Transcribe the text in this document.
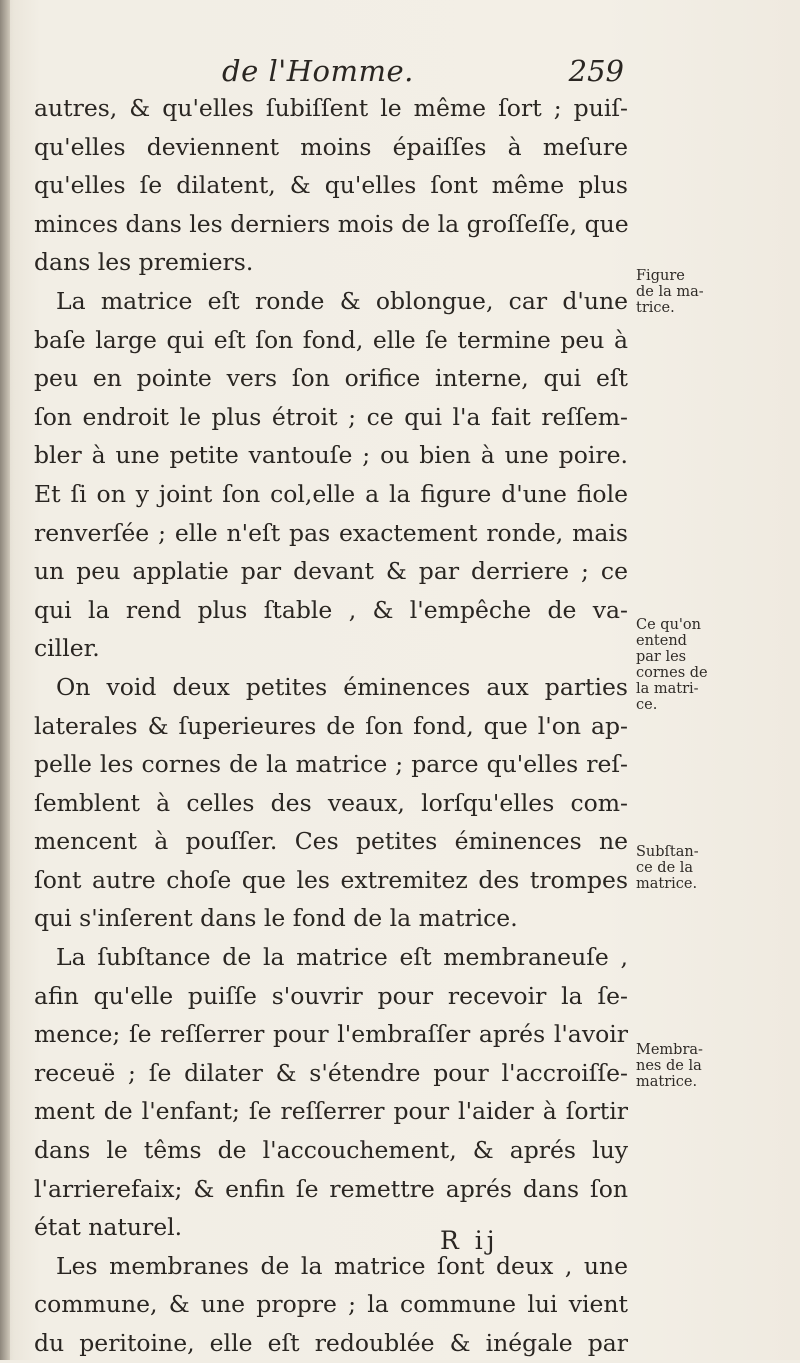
de l'Homme.	259
autres, & qu'elles ſubiſſent le même ſort ; puiſ-
qu'elles deviennent moins épaiſſes à meſure
qu'elles ſe dilatent, & qu'elles ſont même plus
minces dans les derniers mois de la groſſeſſe, que
dans les premiers.
La matrice eſt ronde & oblongue, car d'une
baſe large qui eſt ſon fond, elle ſe termine peu à
peu en pointe vers ſon orifice interne, qui eſt
ſon endroit le plus étroit ; ce qui l'a fait reſſem-
bler à une petite vantouſe ; ou bien à une poire.
Et ſi on y joint ſon col,elle a la figure d'une fiole
renverſée ; elle n'eſt pas exactement ronde, mais
un peu applatie par devant & par derriere ; ce
qui la rend plus ſtable , & l'empêche de va-
ciller.
On void deux petites éminences aux parties
laterales & ſuperieures de ſon fond, que l'on ap-
pelle les cornes de la matrice ; parce qu'elles reſ-
ſemblent à celles des veaux, lorſqu'elles com-
mencent à pouſſer. Ces petites éminences ne
ſont autre choſe que les extremitez des trompes
qui s'inſerent dans le fond de la matrice.
La ſubſtance de la matrice eſt membraneuſe ,
afin qu'elle puiſſe s'ouvrir pour recevoir la ſe-
mence; ſe reſſerrer pour l'embraſſer aprés l'avoir
receuë ; ſe dilater & s'étendre pour l'accroiſſe-
ment de l'enfant; ſe reſſerrer pour l'aider à ſortir
dans le têms de l'accouchement, & aprés luy
l'arrierefaix; & enfin ſe remettre aprés dans ſon
état naturel.
Les membranes de la matrice ſont deux , une
commune, & une propre ; la commune lui vient
du peritoine, elle eſt redoublée & inégale par
R ij
Figure
de la ma-
trice.
Ce qu'on
entend
par les
cornes de
la matri-
ce.
Subſtan-
ce de la
matrice.
Membra-
nes de la
matrice.
